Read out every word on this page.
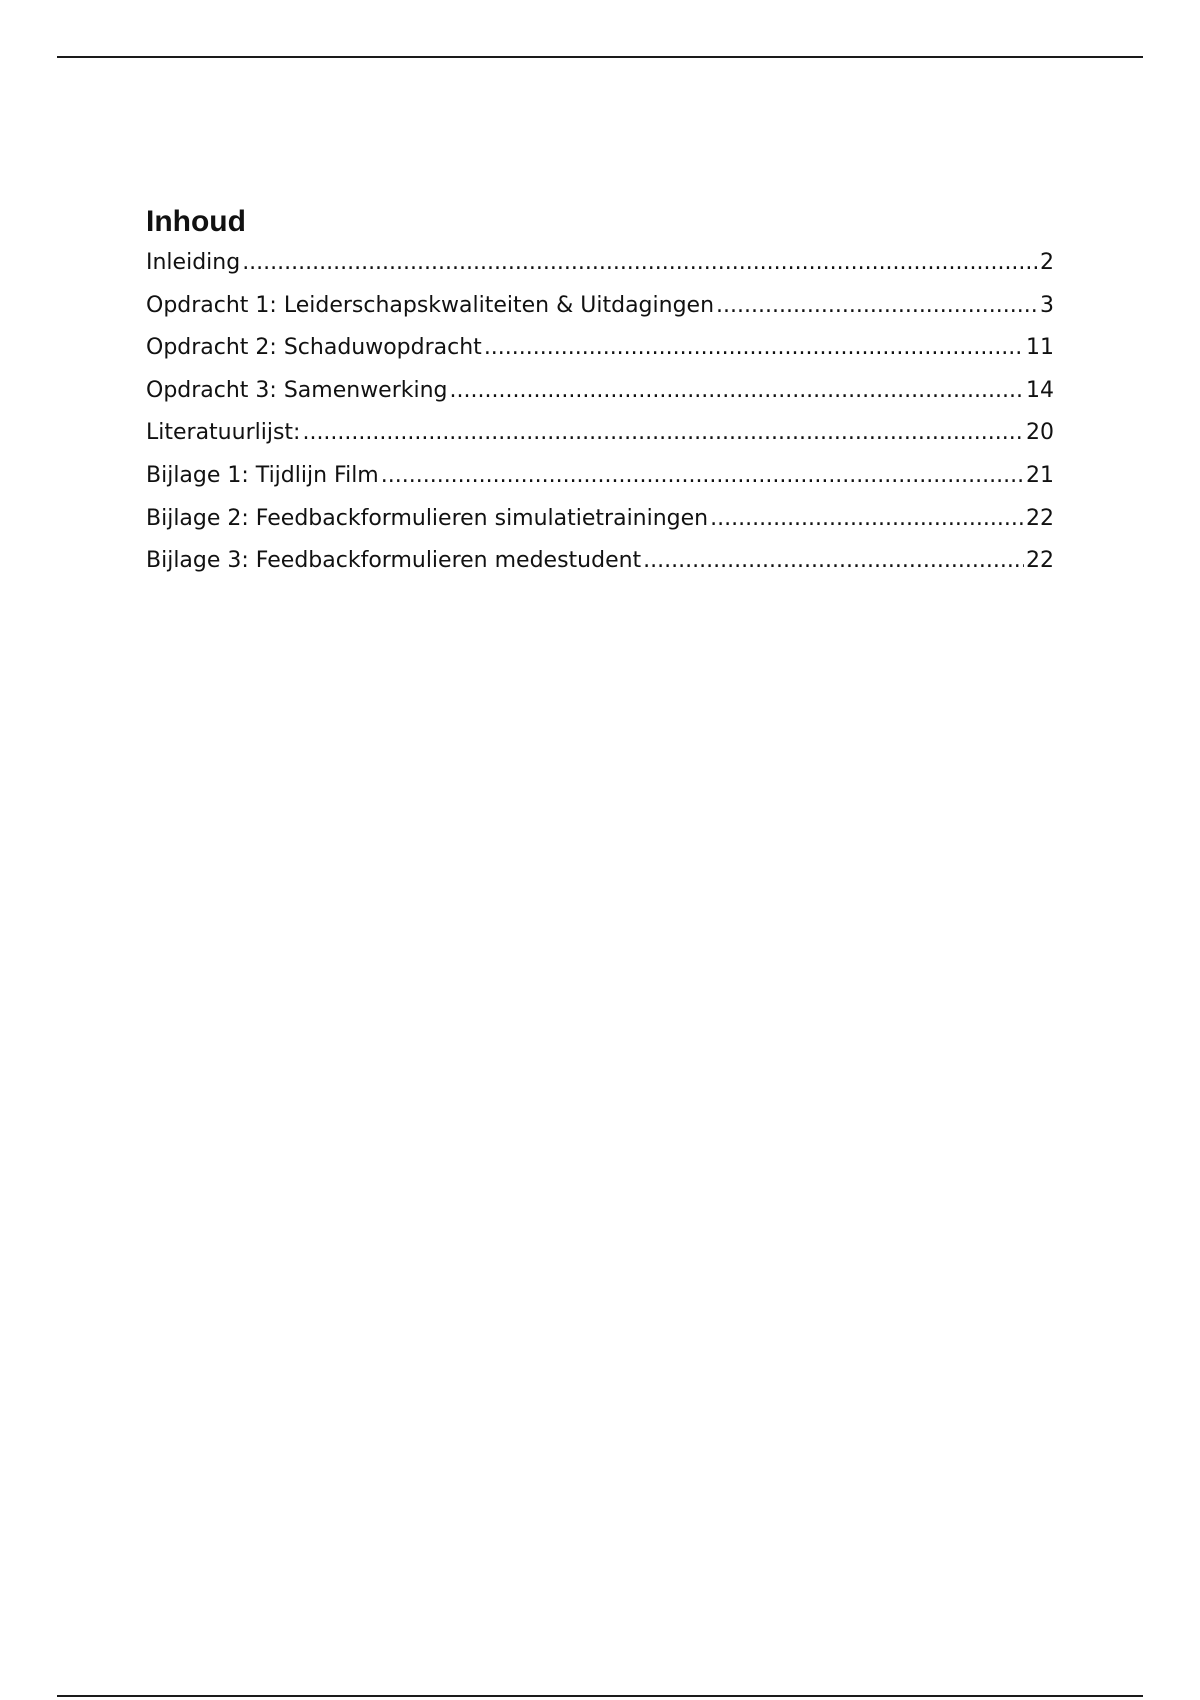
Inhoud
Inleiding .....	2
Opdracht 1: Leiderschapskwaliteiten & Uitdagingen .....	3
Opdracht 2: Schaduwopdracht .....	11
Opdracht 3: Samenwerking .....	14
Literatuurlijst: .....	20
Bijlage 1: Tijdlijn Film .....	21
Bijlage 2: Feedbackformulieren simulatietrainingen .....	22
Bijlage 3: Feedbackformulieren medestudent .....	22
